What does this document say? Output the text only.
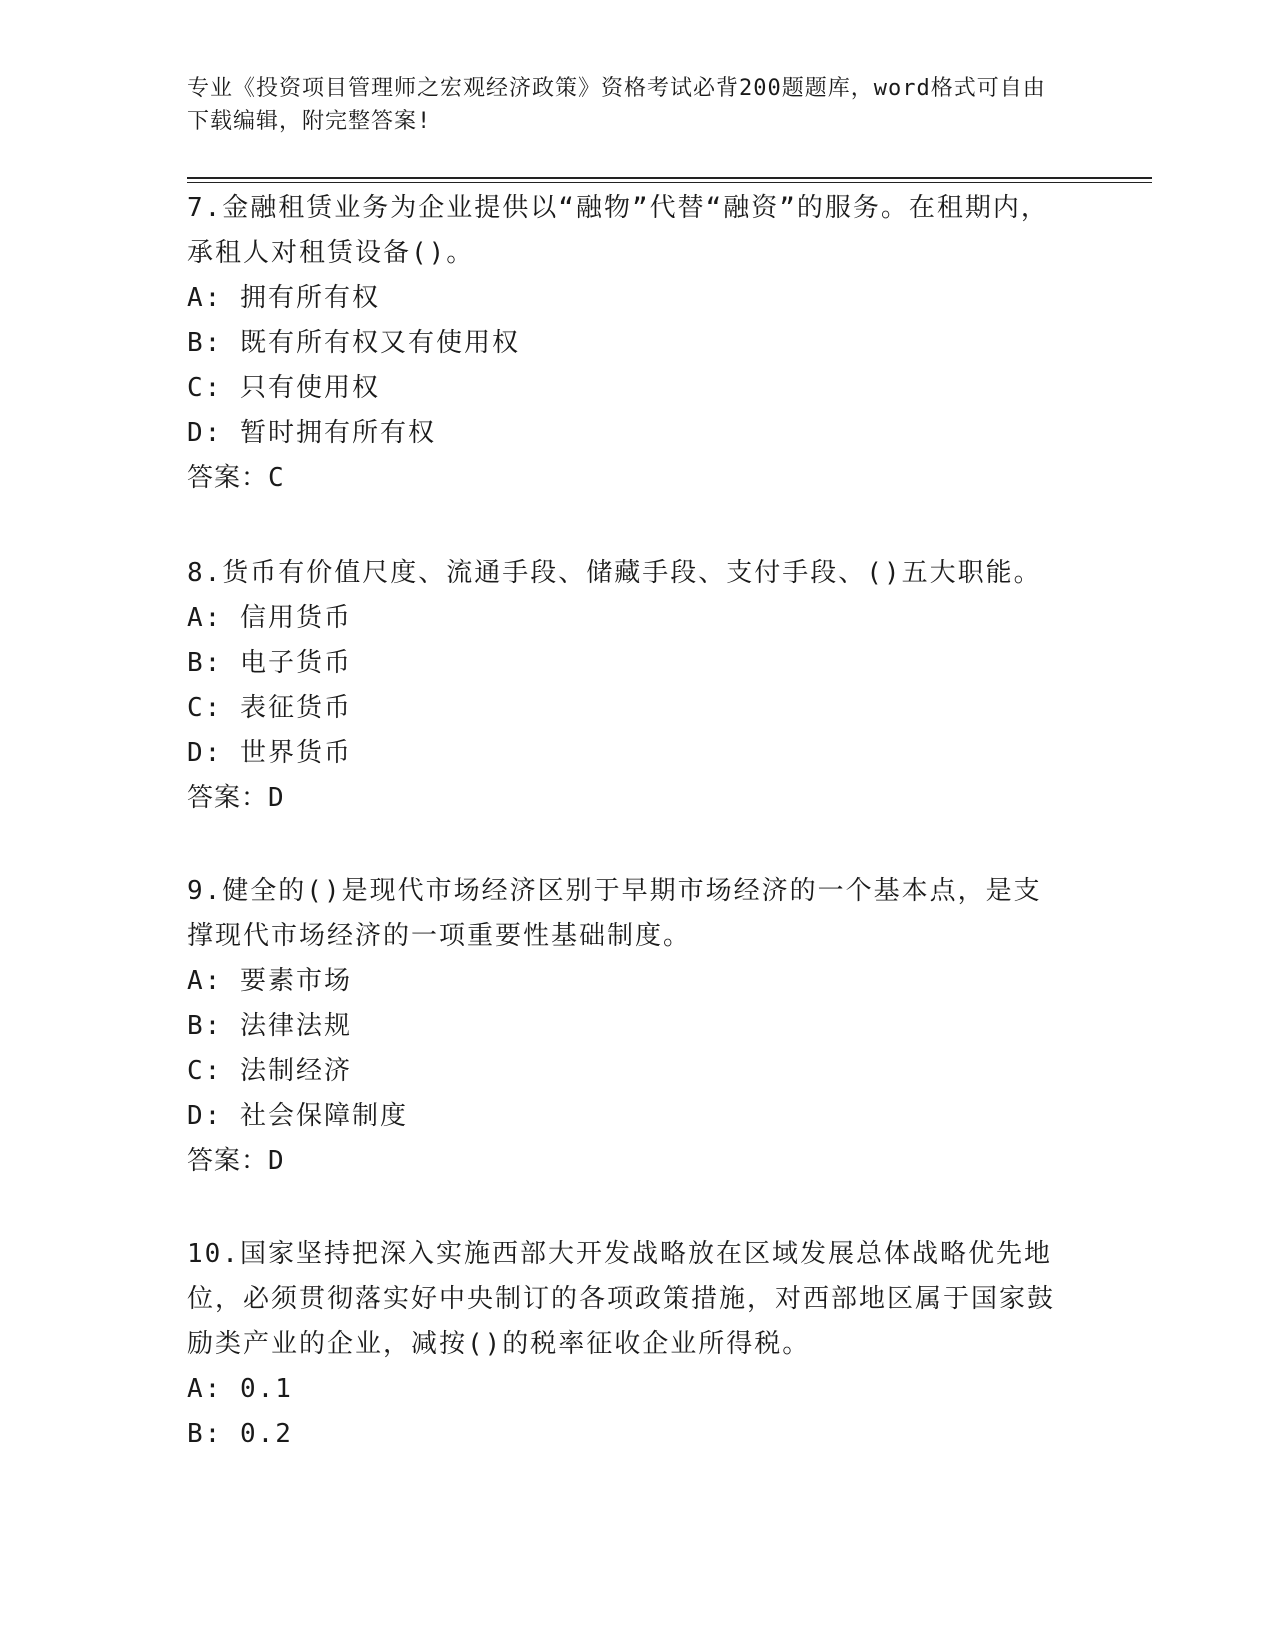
专业《投资项目管理师之宏观经济政策》资格考试必背200题题库，word格式可自由下载编辑，附完整答案!

7.金融租赁业务为企业提供以“融物”代替“融资”的服务。在租期内，承租人对租赁设备()。

A: 拥有所有权

B: 既有所有权又有使用权

C: 只有使用权

D: 暂时拥有所有权

答案：C

8.货币有价值尺度、流通手段、储藏手段、支付手段、()五大职能。

A: 信用货币

B: 电子货币

C: 表征货币

D: 世界货币

答案：D

9.健全的()是现代市场经济区别于早期市场经济的一个基本点，是支撑现代市场经济的一项重要性基础制度。

A: 要素市场

B: 法律法规

C: 法制经济

D: 社会保障制度

答案：D

10.国家坚持把深入实施西部大开发战略放在区域发展总体战略优先地位，必须贯彻落实好中央制订的各项政策措施，对西部地区属于国家鼓励类产业的企业，减按()的税率征收企业所得税。

A: 0.1

B: 0.2
